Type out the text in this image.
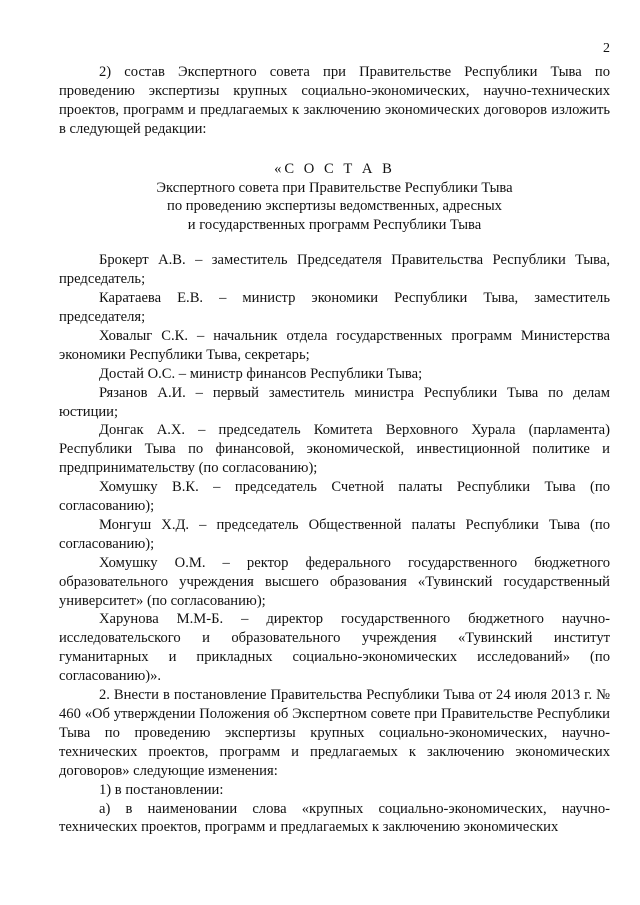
2

2) состав Экспертного совета при Правительстве Республики Тыва по проведению экспертизы крупных социально-экономических, научно-технических проектов, программ и предлагаемых к заключению экономических договоров изложить в следующей редакции:

«С О С Т А В
Экспертного совета при Правительстве Республики Тыва
по проведению экспертизы ведомственных, адресных
и государственных программ Республики Тыва

Брокерт А.В. – заместитель Председателя Правительства Республики Тыва, председатель;

Каратаева Е.В. – министр экономики Республики Тыва, заместитель председателя;

Ховалыг С.К. – начальник отдела государственных программ Министерства экономики Республики Тыва, секретарь;

Достай О.С. – министр финансов Республики Тыва;

Рязанов А.И. – первый заместитель министра Республики Тыва по делам юстиции;

Донгак А.Х. – председатель Комитета Верховного Хурала (парламента) Республики Тыва по финансовой, экономической, инвестиционной политике и предпринимательству (по согласованию);

Хомушку В.К. – председатель Счетной палаты Республики Тыва (по согласованию);

Монгуш Х.Д. – председатель Общественной палаты Республики Тыва (по согласованию);

Хомушку О.М. – ректор федерального государственного бюджетного образовательного учреждения высшего образования «Тувинский государственный университет» (по согласованию);

Харунова М.М-Б. – директор государственного бюджетного научно-исследовательского и образовательного учреждения «Тувинский институт гуманитарных и прикладных социально-экономических исследований» (по согласованию)».

2. Внести в постановление Правительства Республики Тыва от 24 июля 2013 г. № 460 «Об утверждении Положения об Экспертном совете при Правительстве Республики Тыва по проведению экспертизы крупных социально-экономических, научно-технических проектов, программ и предлагаемых к заключению экономических договоров» следующие изменения:

1) в постановлении:

а) в наименовании слова «крупных социально-экономических, научно-технических проектов, программ и предлагаемых к заключению экономических
